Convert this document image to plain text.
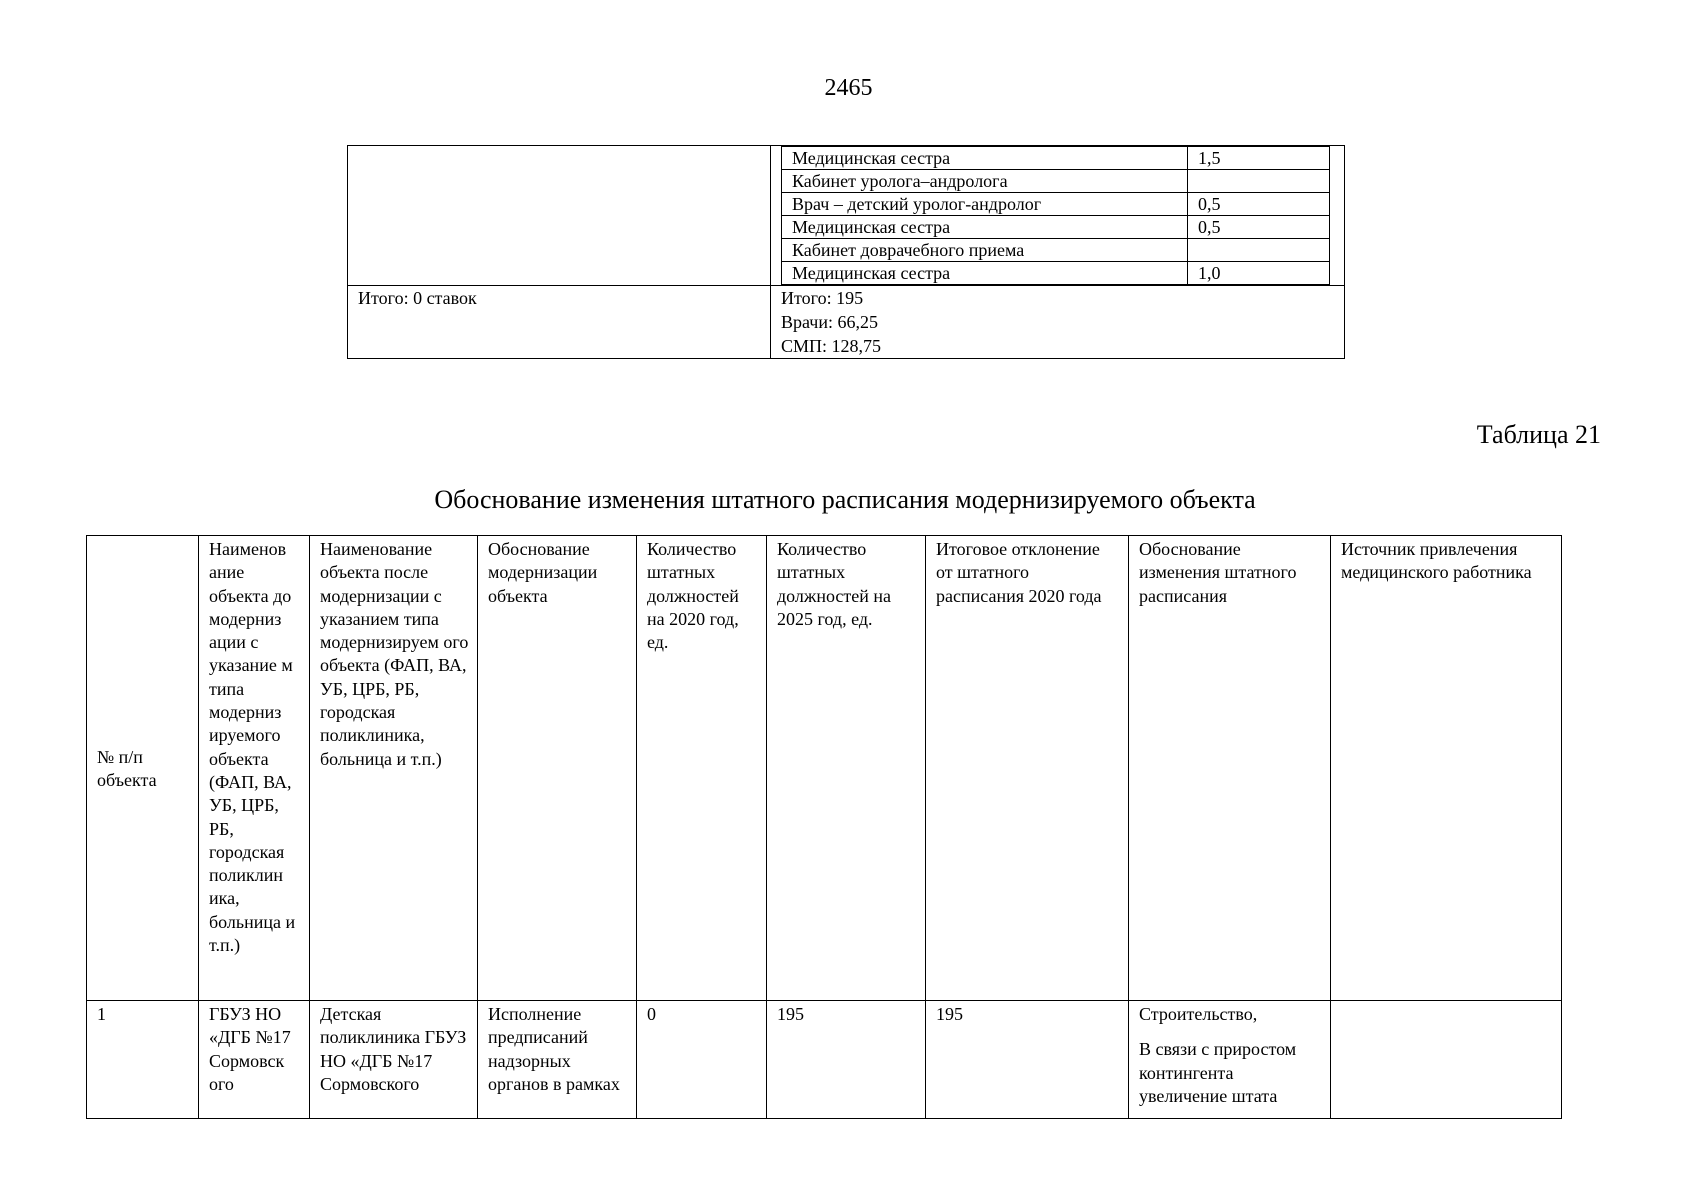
2465

Медицинская сестра	1,5
Кабинет уролога–андролога	
Врач – детский уролог-андролог	0,5
Медицинская сестра	0,5
Кабинет доврачебного приема	
Медицинская сестра	1,0

Итого: 0 ставок	Итого: 195
Врачи: 66,25
СМП: 128,75
Таблица 21
Обоснование изменения штатного расписания модернизируемого объекта
№ п/п объекта	Наименов ание объекта до модерниз ации с указание м типа модерниз ируемого объекта (ФАП, ВА, УБ, ЦРБ, РБ, городская поликлин ика, больница и т.п.)	Наименование объекта после модернизации с указанием типа модернизируем ого объекта (ФАП, ВА, УБ, ЦРБ, РБ, городская поликлиника, больница и т.п.)	Обоснование модернизации объекта	Количество штатных должностей на 2020 год, ед.	Количество штатных должностей на 2025 год, ед.	Итоговое отклонение от штатного расписания 2020 года	Обоснование изменения штатного расписания	Источник привлечения медицинского работника
1	ГБУЗ НО «ДГБ №17 Сормовск ого	Детская поликлиника ГБУЗ НО «ДГБ №17 Сормовского	Исполнение предписаний надзорных органов в рамках	0	195	195	Строительство,
В связи с приростом контингента увеличение штата	
